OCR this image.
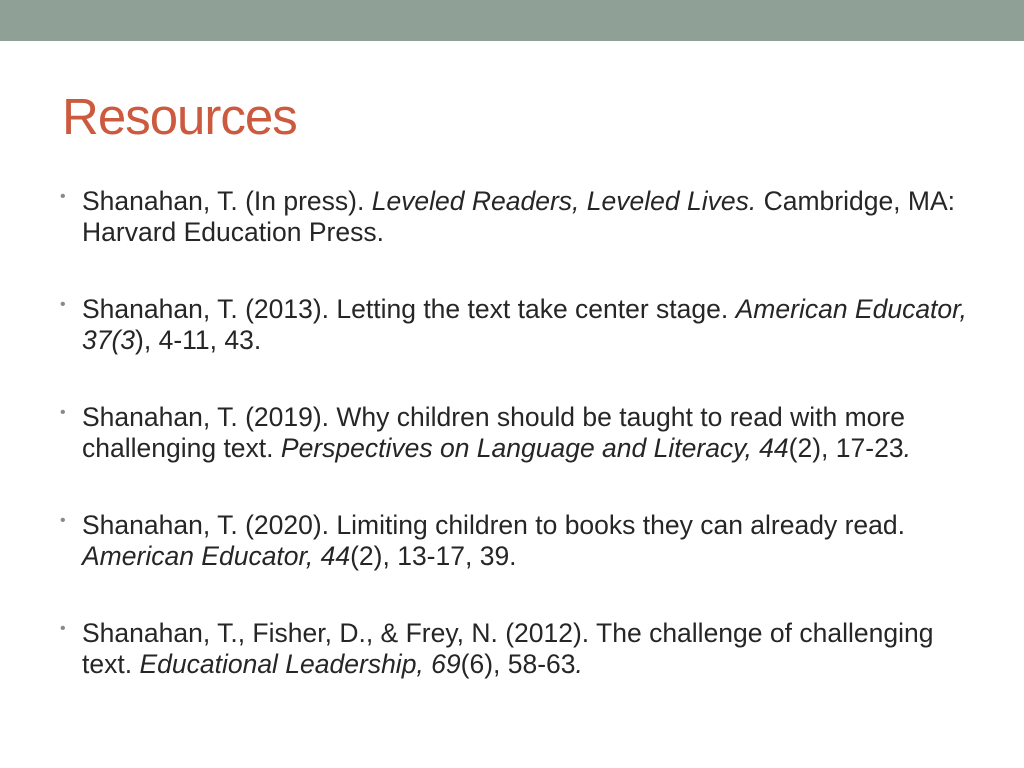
Resources
• Shanahan, T. (In press). Leveled Readers, Leveled Lives. Cambridge, MA: Harvard Education Press.
• Shanahan, T. (2013). Letting the text take center stage. American Educator, 37(3), 4-11, 43.
• Shanahan, T. (2019). Why children should be taught to read with more challenging text. Perspectives on Language and Literacy, 44(2), 17-23.
• Shanahan, T. (2020). Limiting children to books they can already read. American Educator, 44(2), 13-17, 39.
• Shanahan, T., Fisher, D., & Frey, N. (2012). The challenge of challenging text. Educational Leadership, 69(6), 58-63.
